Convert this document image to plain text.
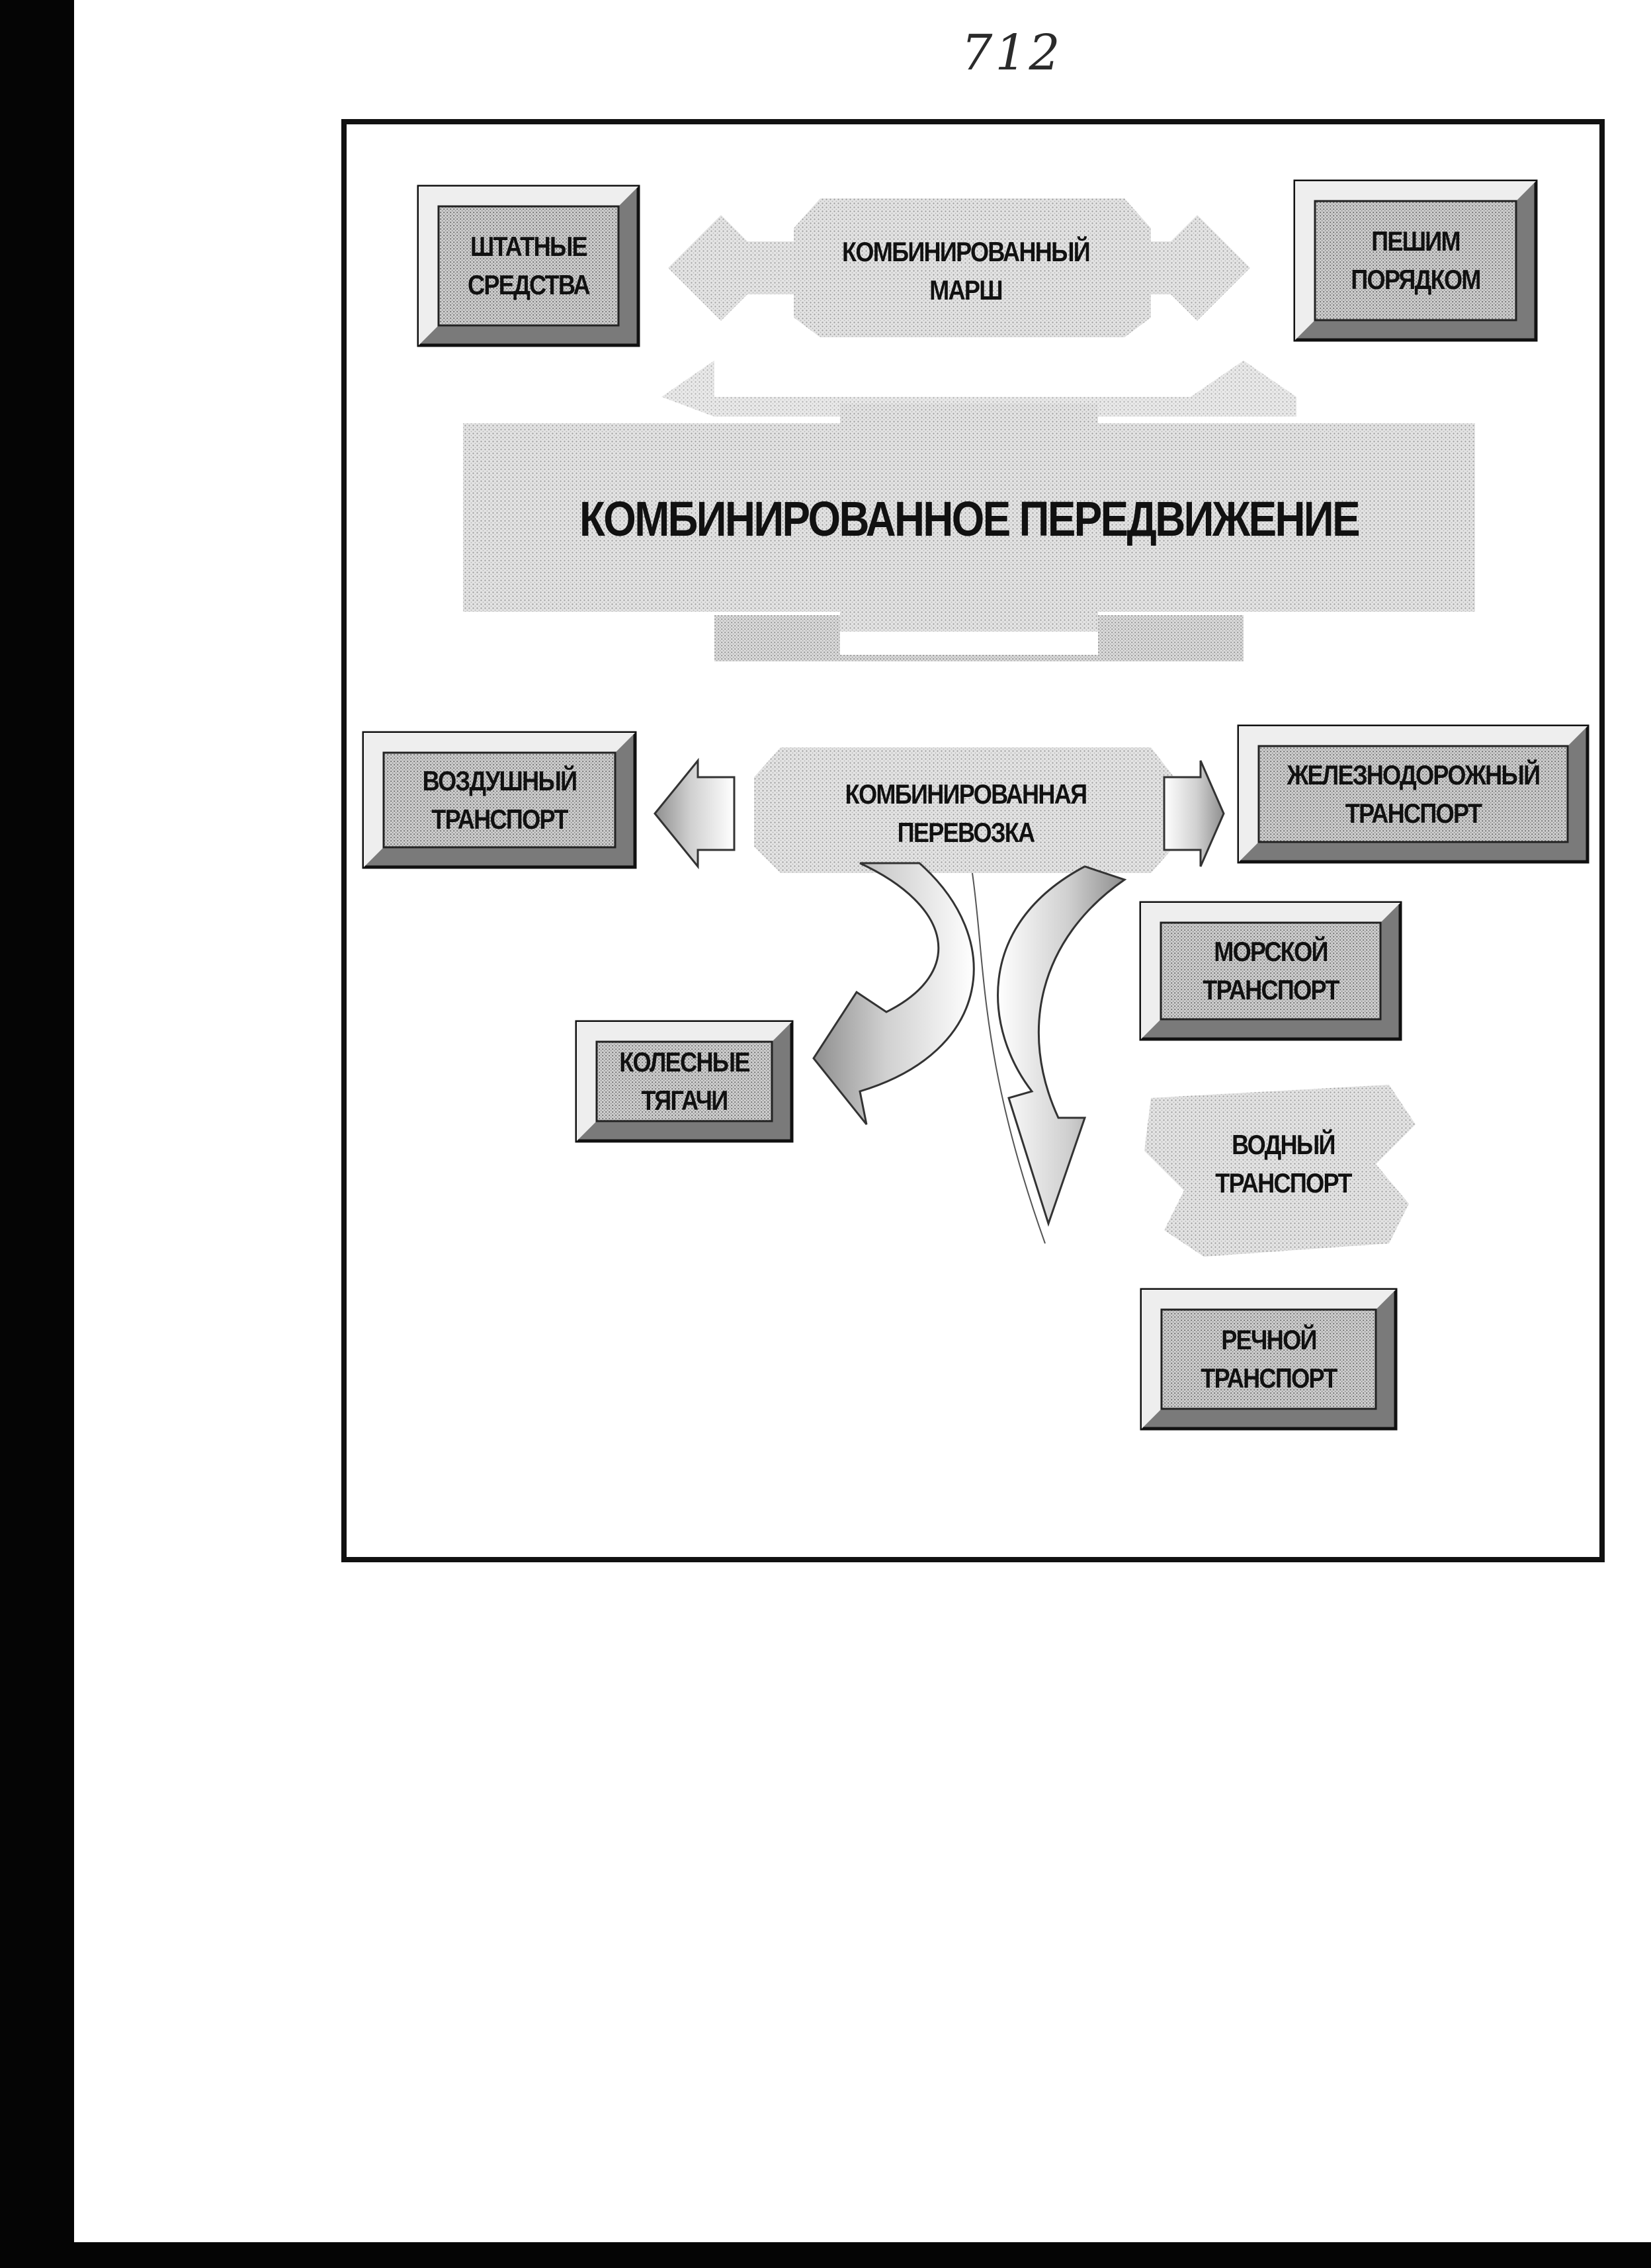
712
КОМБИНИРОВАННОЕ ПЕРЕДВИЖЕНИЕ
КОМБИНИРОВАННЫЙ
МАРШ
КОМБИНИРОВАННАЯ
ПЕРЕВОЗКА
ВОДНЫЙ
ТРАНСПОРТ
ШТАТНЫЕ
СРЕДСТВА
ПЕШИМ
ПОРЯДКОМ
ВОЗДУШНЫЙ
ТРАНСПОРТ
ЖЕЛЕЗНОДОРОЖНЫЙ
ТРАНСПОРТ
МОРСКОЙ
ТРАНСПОРТ
КОЛЕСНЫЕ
ТЯГАЧИ
РЕЧНОЙ
ТРАНСПОРТ
